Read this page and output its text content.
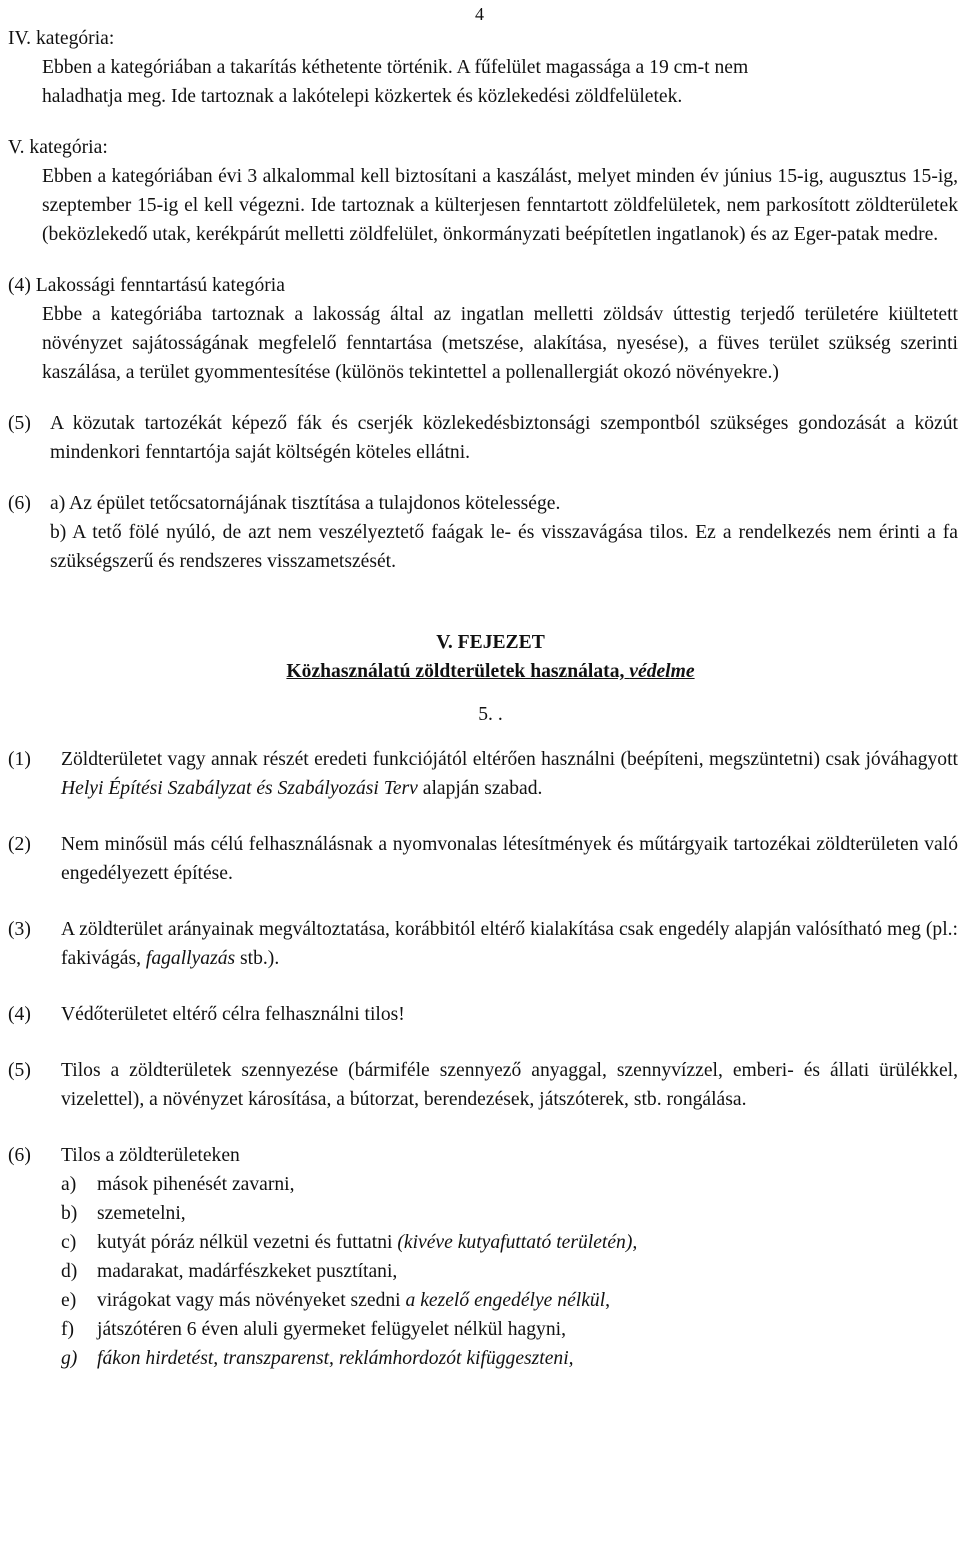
4

IV. kategória:

Ebben a kategóriában a takarítás kéthetente történik. A fűfelület magassága a 19 cm-t nem

haladhatja meg. Ide tartoznak a lakótelepi közkertek és közlekedési zöldfelületek.

V. kategória:

Ebben a kategóriában évi 3 alkalommal kell biztosítani a kaszálást, melyet minden év június 15-ig, augusztus 15-ig, szeptember 15-ig el kell végezni. Ide tartoznak a külterjesen fenntartott zöldfelületek, nem parkosított zöldterületek (beközlekedő utak, kerékpárút melletti zöldfelület, önkormányzati beépítetlen ingatlanok) és az Eger-patak medre.

(4) Lakossági fenntartású kategória

Ebbe a kategóriába tartoznak a lakosság által az ingatlan melletti zöldsáv úttestig terjedő területére kiültetett növényzet sajátosságának megfelelő fenntartása (metszése, alakítása, nyesése), a füves terület szükség szerinti kaszálása, a terület gyommentesítése (különös tekintettel a pollenallergiát okozó növényekre.)

(5) A közutak tartozékát képező fák és cserjék közlekedésbiztonsági szempontból szükséges gondozását a közút mindenkori fenntartója saját költségén köteles ellátni.
(6) a) Az épület tetőcsatornájának tisztítása a tulajdonos kötelessége.

b) A tető fölé nyúló, de azt nem veszélyeztető faágak le- és visszavágása tilos. Ez a rendelkezés nem érinti a fa szükségszerű és rendszeres visszametszését.

V. FEJEZET

Közhasználatú zöldterületek használata, védelme

5. .

(1)	Zöldterületet vagy annak részét eredeti funkciójától eltérően használni (beépíteni, megszüntetni) csak jóváhagyott Helyi Építési Szabályzat és Szabályozási Terv alapján szabad.
(2)	Nem minősül más célú felhasználásnak a nyomvonalas létesítmények és műtárgyaik tartozékai zöldterületen való engedélyezett építése.
(3)	A zöldterület arányainak megváltoztatása, korábbitól eltérő kialakítása csak engedély alapján valósítható meg (pl.: fakivágás, fagallyazás stb.).
(4)	Védőterületet eltérő célra felhasználni tilos!
(5)	Tilos a zöldterületek szennyezése (bármiféle szennyező anyaggal, szennyvízzel, emberi- és állati ürülékkel, vizelettel), a növényzet károsítása, a bútorzat, berendezések, játszóterek, stb. rongálása.
(6)	Tilos a zöldterületeken

a)	mások pihenését zavarni,
b)	szemetelni,
c)	kutyát póráz nélkül vezetni és futtatni (kivéve kutyafuttató területén),
d)	madarakat, madárfészkeket pusztítani,
e)	virágokat vagy más növényeket szedni a kezelő engedélye nélkül,
f)	játszótéren 6 éven aluli gyermeket felügyelet nélkül hagyni,
g)	fákon hirdetést, transzparenst, reklámhordozót kifüggeszteni,
